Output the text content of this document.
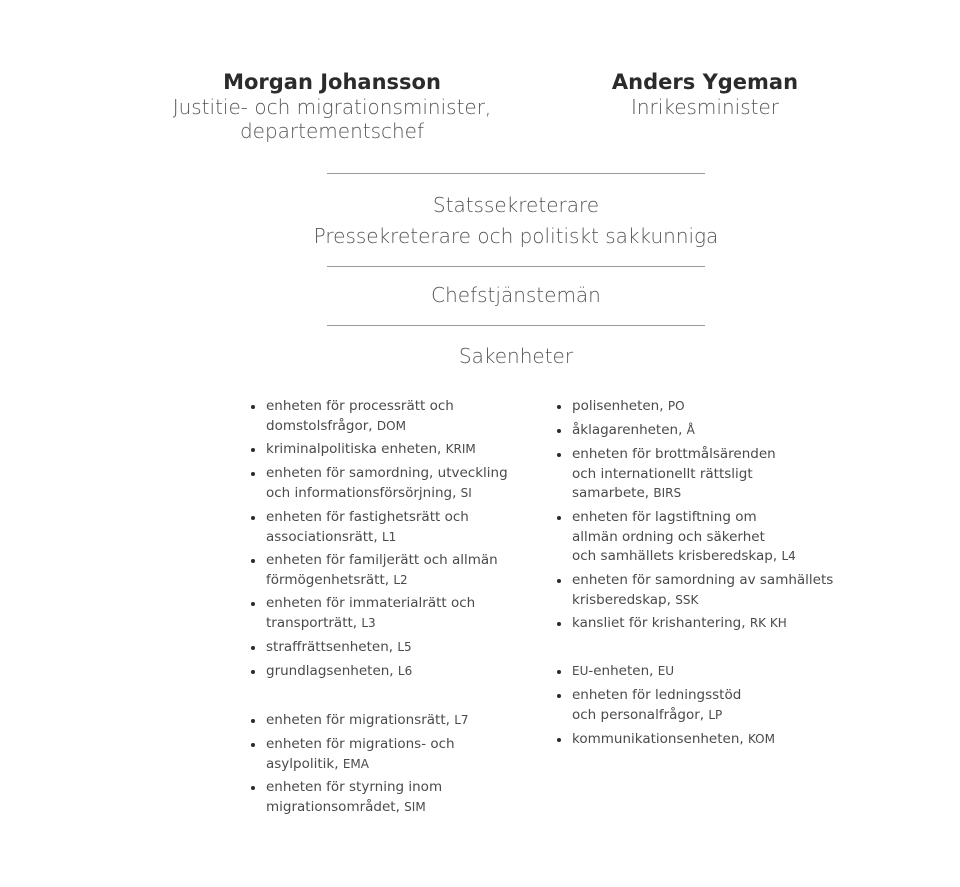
Morgan Johansson
Justitie- och migrationsminister,
departementschef
Anders Ygeman
Inrikesminister
Statssekreterare
Pressekreterare och politiskt sakkunniga
Chefstjänstemän
Sakenheter
enheten för processrätt och
domstolsfrågor, DOM
kriminalpolitiska enheten, KRIM
enheten för samordning, utveckling
och informationsförsörjning, SI
enheten för fastighetsrätt och
associationsrätt, L1
enheten för familjerätt och allmän
förmögenhetsrätt, L2
enheten för immaterialrätt och
transporträtt, L3
straffrättsenheten, L5
grundlagsenheten, L6
enheten för migrationsrätt, L7
enheten för migrations- och
asylpolitik, EMA
enheten för styrning inom
migrationsområdet, SIM
polisenheten, PO
åklagarenheten, Å
enheten för brottmålsärenden
och internationellt rättsligt
samarbete, BIRS
enheten för lagstiftning om
allmän ordning och säkerhet
och samhällets krisberedskap, L4
enheten för samordning av samhällets
krisberedskap, SSK
kansliet för krishantering, RK KH
EU-enheten, EU
enheten för ledningsstöd
och personalfrågor, LP
kommunikationsenheten, KOM
